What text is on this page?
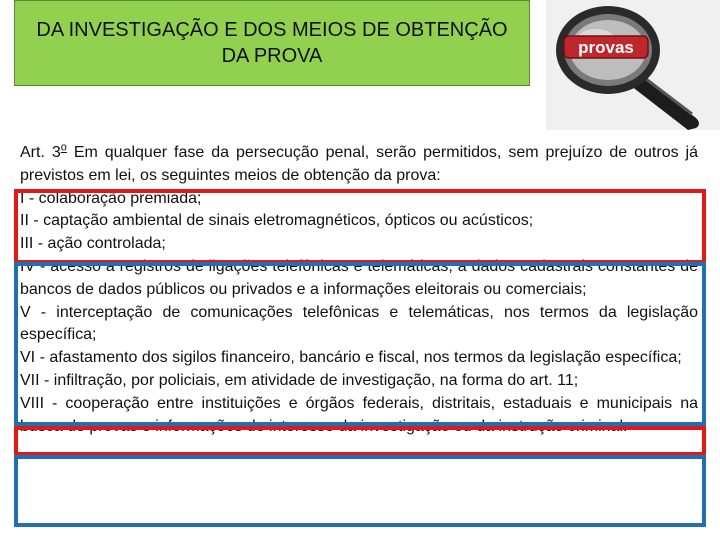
DA INVESTIGAÇÃO E DOS MEIOS DE OBTENÇÃO DA PROVA	provas
Art. 3$^o$ Em qualquer fase da persecução penal, serão permitidos, sem prejuízo de outros já previstos em lei, os seguintes meios de obtenção da prova:
I - colaboração premiada;
II - captação ambiental de sinais eletromagnéticos, ópticos ou acústicos;
III - ação controlada;
IV - acesso a registros de ligações telefônicas e telemáticas, a dados cadastrais constantes de bancos de dados públicos ou privados e a informações eleitorais ou comerciais;
V - interceptação de comunicações telefônicas e telemáticas, nos termos da legislação específica;
VI - afastamento dos sigilos financeiro, bancário e fiscal, nos termos da legislação específica;
VII - infiltração, por policiais, em atividade de investigação, na forma do art. 11;
VIII - cooperação entre instituições e órgãos federais, distritais, estaduais e municipais na busca de provas e informações de interesse da investigação ou da instrução criminal.
